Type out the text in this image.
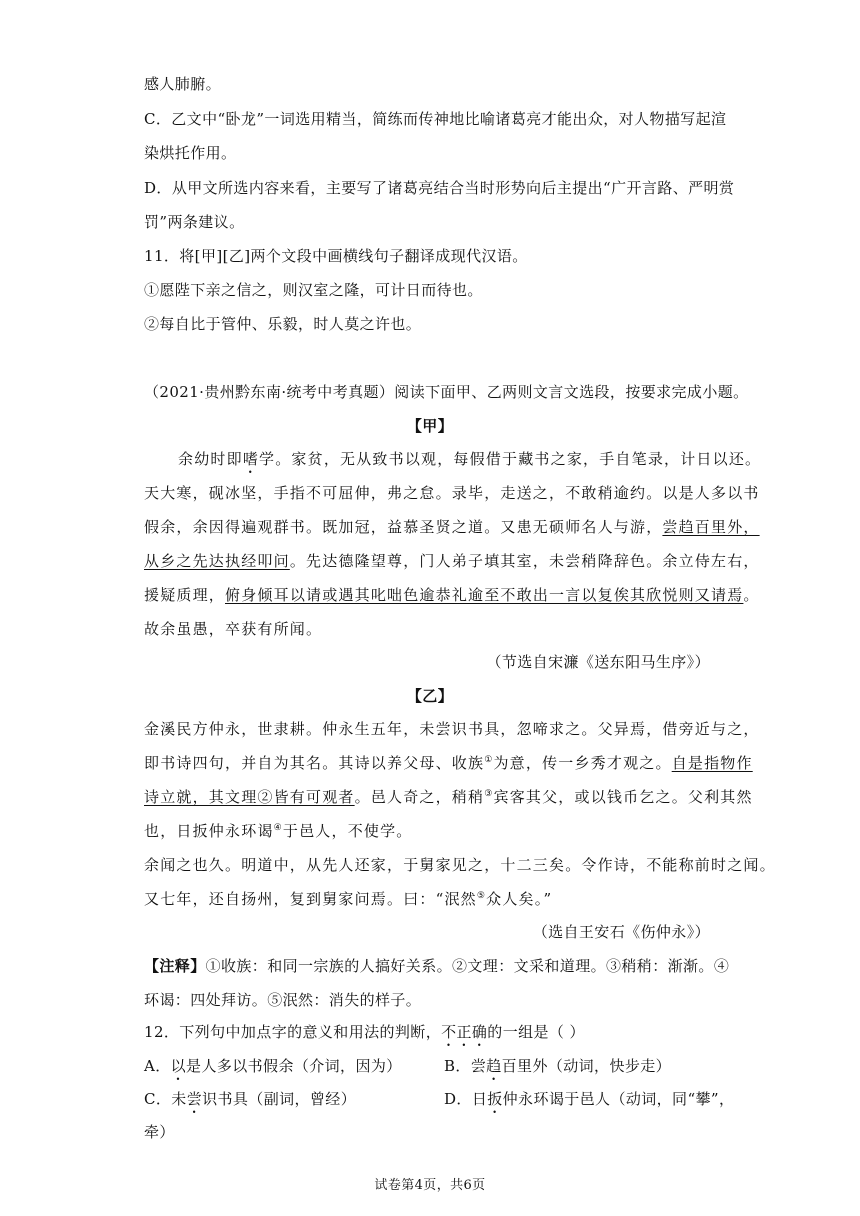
感人肺腑。
C．乙文中“卧龙”一词选用精当，简练而传神地比喻诸葛亮才能出众，对人物描写起渲
染烘托作用。
D．从甲文所选内容来看，主要写了诸葛亮结合当时形势向后主提出“广开言路、严明赏
罚”两条建议。
11．将[甲][乙]两个文段中画横线句子翻译成现代汉语。
①愿陛下亲之信之，则汉室之隆，可计日而待也。
②每自比于管仲、乐毅，时人莫之许也。
（2021·贵州黔东南·统考中考真题）阅读下面甲、乙两则文言文选段，按要求完成小题。
【甲】
余幼时即嗜学。家贫，无从致书以观，每假借于藏书之家，手自笔录，计日以还。
天大寒，砚冰坚，手指不可屈伸，弗之怠。录毕，走送之，不敢稍逾约。以是人多以书
假余，余因得遍观群书。既加冠，益慕圣贤之道。又患无硕师名人与游，尝趋百里外，
从乡之先达执经叩问。先达德隆望尊，门人弟子填其室，未尝稍降辞色。余立侍左右，
援疑质理，俯身倾耳以请或遇其叱咄色逾恭礼逾至不敢出一言以复俟其欣悦则又请焉。
故余虽愚，卒获有所闻。
（节选自宋濂《送东阳马生序》）
【乙】
金溪民方仲永，世隶耕。仲永生五年，未尝识书具，忽啼求之。父异焉，借旁近与之，
即书诗四句，并自为其名。其诗以养父母、收族①为意，传一乡秀才观之。自是指物作
诗立就，其文理②皆有可观者。邑人奇之，稍稍③宾客其父，或以钱币乞之。父利其然
也，日扳仲永环谒④于邑人，不使学。
余闻之也久。明道中，从先人还家，于舅家见之，十二三矣。令作诗，不能称前时之闻。
又七年，还自扬州，复到舅家问焉。曰：“泯然⑤众人矣。”
（选自王安石《伤仲永》）
【注释】①收族：和同一宗族的人搞好关系。②文理：文采和道理。③稍稍：渐渐。④
环谒：四处拜访。⑤泯然：消失的样子。
12．下列句中加点字的意义和用法的判断，不正确的一组是（ ）
A．以是人多以书假余（介词，因为）	B．尝趋百里外（动词，快步走）
C．未尝识书具（副词，曾经）	D．日扳仲永环谒于邑人（动词，同“攀”，
牵）
试卷第4页，共6页
